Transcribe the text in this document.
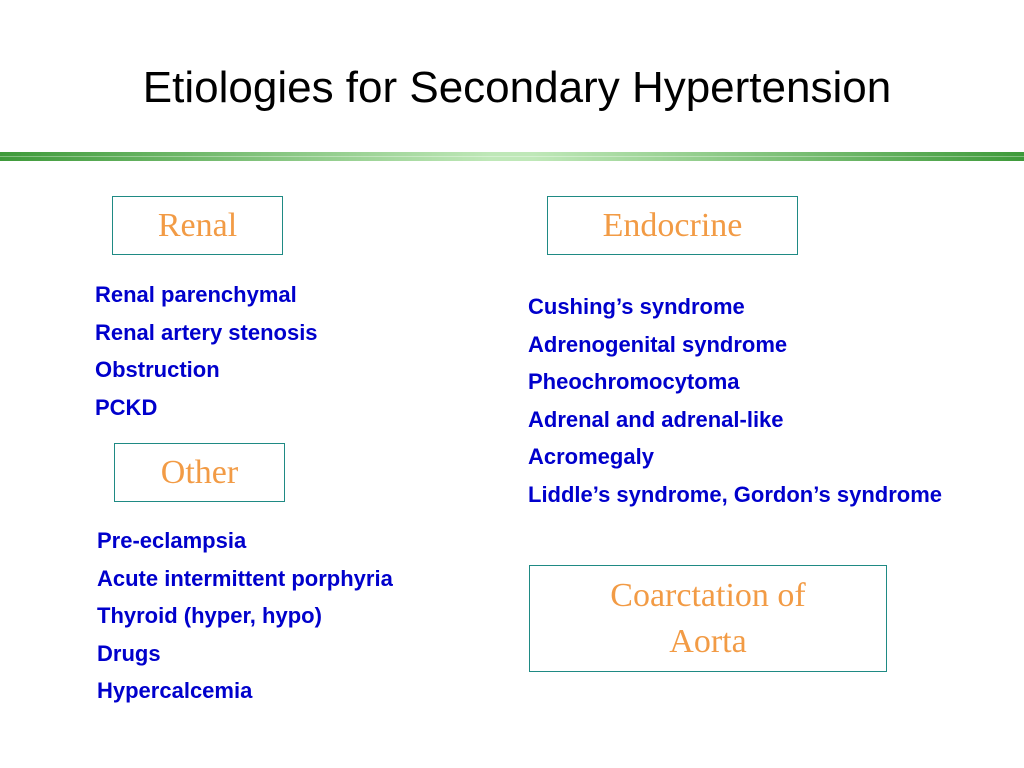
Etiologies for Secondary Hypertension
Renal
Renal parenchymal
Renal artery stenosis
Obstruction
PCKD
Endocrine
Cushing’s syndrome
Adrenogenital syndrome
Pheochromocytoma
Adrenal and adrenal-like
Acromegaly
Liddle’s syndrome, Gordon’s syndrome
Other
Pre-eclampsia
Acute intermittent porphyria
Thyroid (hyper, hypo)
Drugs
Hypercalcemia
Coarctation of
Aorta
